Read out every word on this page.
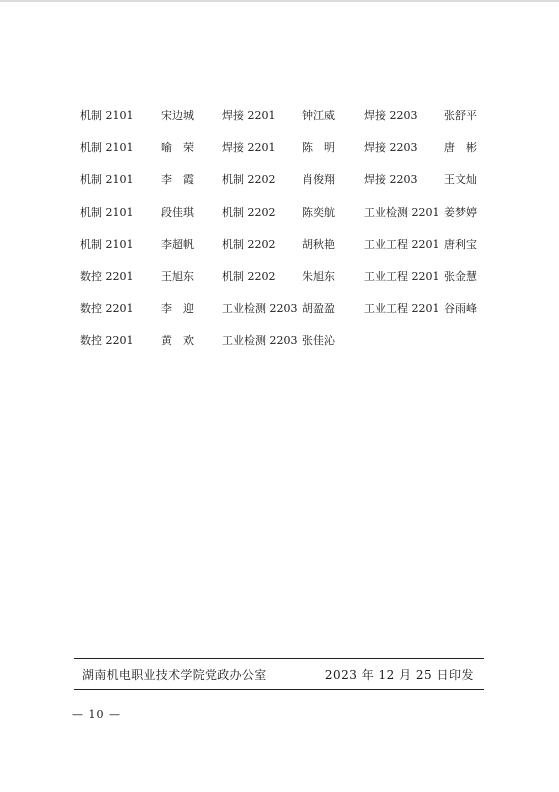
机制 2101	宋边城	焊接 2201 钟江威	焊接 2203 张舒平
机制 2101	喻　荣	焊接 2201 陈　明	焊接 2203 唐　彬
机制 2101	李　霞	机制 2202 肖俊翔	焊接 2203 王文灿
机制 2101	段佳琪	机制 2202 陈奕航	工业检测 2201 姜梦婷
机制 2101	李超帆	机制 2202 胡秋艳	工业工程 2201 唐利宝
数控 2201	王旭东	机制 2202 朱旭东	工业工程 2201 张金慧
数控 2201	李　迎	工业检测 2203 胡盈盈	工业工程 2201 谷雨峰
数控 2201	黄　欢	工业检测 2203 张佳沁
湖南机电职业技术学院党政办公室	2023 年 12 月 25 日印发
— 10 —
